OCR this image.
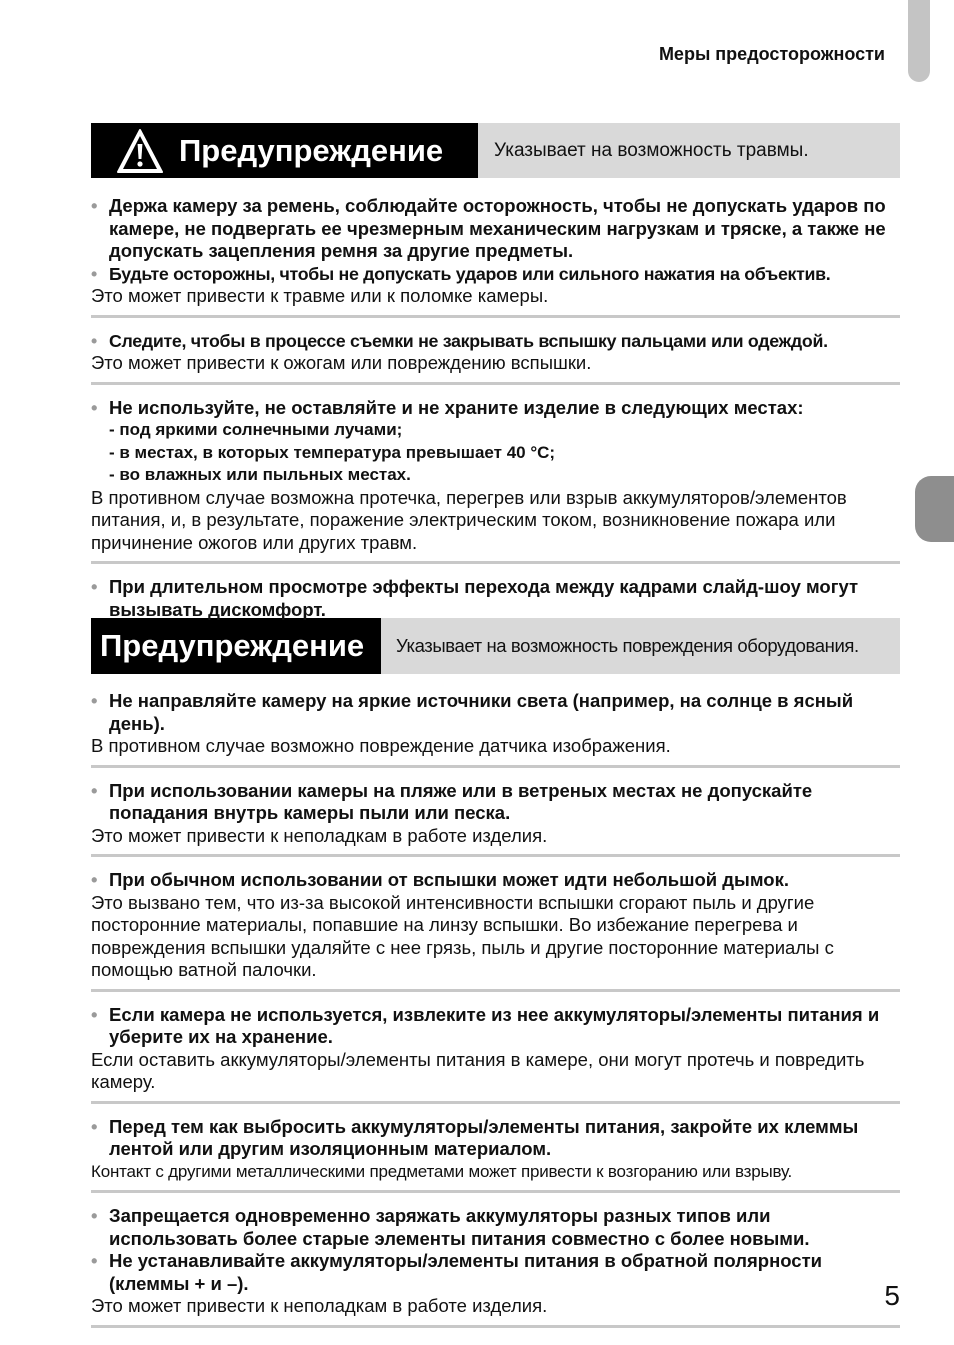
Меры предосторожности
Предупреждение	Указывает на возможность травмы.
Предупреждение	Указывает на возможность повреждения оборудования.
• Держа камеру за ремень, соблюдайте осторожность, чтобы не допускать ударов по камере, не подвергать ее чрезмерным механическим нагрузкам и тряске, а также не допускать зацепления ремня за другие предметы.
• Будьте осторожны, чтобы не допускать ударов или сильного нажатия на объектив.
Это может привести к травме или к поломке камеры.
• Следите, чтобы в процессе съемки не закрывать вспышку пальцами или одеждой.
Это может привести к ожогам или повреждению вспышки.
• Не используйте, не оставляйте и не храните изделие в следующих местах:
- под яркими солнечными лучами;
- в местах, в которых температура превышает 40 °C;
- во влажных или пыльных местах.
В противном случае возможна протечка, перегрев или взрыв аккумуляторов/элементов питания, и, в результате, поражение электрическим током, возникновение пожара или причинение ожогов или других травм.
• При длительном просмотре эффекты перехода между кадрами слайд-шоу могут вызывать дискомфорт.
• Не направляйте камеру на яркие источники света (например, на солнце в ясный день).
В противном случае возможно повреждение датчика изображения.
• При использовании камеры на пляже или в ветреных местах не допускайте попадания внутрь камеры пыли или песка.
Это может привести к неполадкам в работе изделия.
• При обычном использовании от вспышки может идти небольшой дымок.
Это вызвано тем, что из-за высокой интенсивности вспышки сгорают пыль и другие посторонние материалы, попавшие на линзу вспышки. Во избежание перегрева и повреждения вспышки удаляйте с нее грязь, пыль и другие посторонние материалы с помощью ватной палочки.
• Если камера не используется, извлеките из нее аккумуляторы/элементы питания и уберите их на хранение.
Если оставить аккумуляторы/элементы питания в камере, они могут протечь и повредить камеру.
• Перед тем как выбросить аккумуляторы/элементы питания, закройте их клеммы лентой или другим изоляционным материалом.
Контакт с другими металлическими предметами может привести к возгоранию или взрыву.
• Запрещается одновременно заряжать аккумуляторы разных типов или использовать более старые элементы питания совместно с более новыми.
• Не устанавливайте аккумуляторы/элементы питания в обратной полярности (клеммы + и –).
Это может привести к неполадкам в работе изделия.	5
